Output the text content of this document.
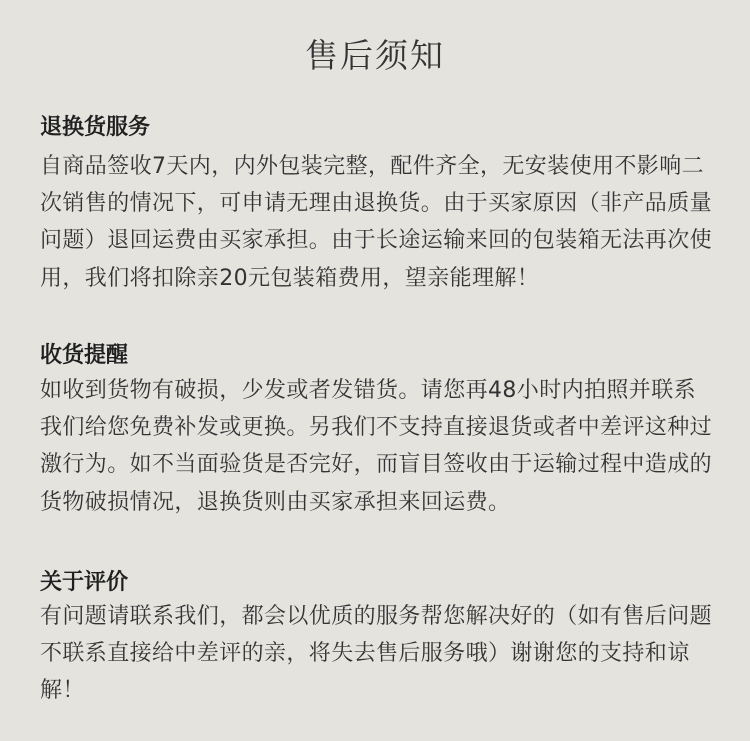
售后须知
退换货服务

自商品签收7天内，内外包装完整，配件齐全，无安装使用不影响二次销售的情况下，可申请无理由退换货。由于买家原因（非产品质量问题）退回运费由买家承担。由于长途运输来回的包装箱无法再次使用，我们将扣除亲20元包装箱费用，望亲能理解！

收货提醒

如收到货物有破损，少发或者发错货。请您再48小时内拍照并联系我们给您免费补发或更换。另我们不支持直接退货或者中差评这种过激行为。如不当面验货是否完好，而盲目签收由于运输过程中造成的货物破损情况，退换货则由买家承担来回运费。

关于评价

有问题请联系我们，都会以优质的服务帮您解决好的（如有售后问题不联系直接给中差评的亲，将失去售后服务哦）谢谢您的支持和谅解！
